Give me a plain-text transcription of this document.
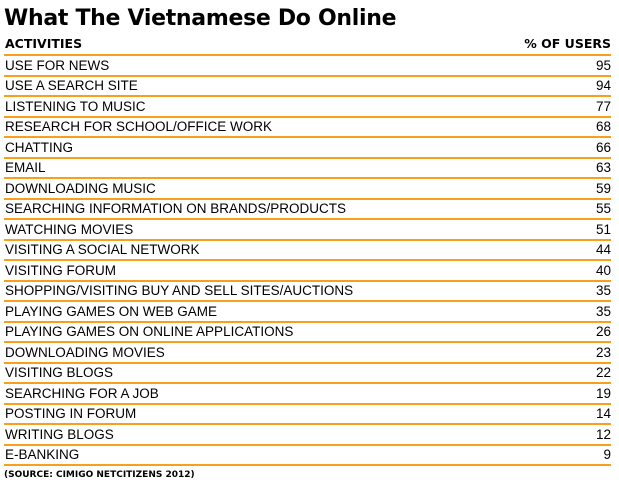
What The Vietnamese Do Online
ACTIVITIES	% OF USERS
USE FOR NEWS	95
USE A SEARCH SITE	94
LISTENING TO MUSIC	77
RESEARCH FOR SCHOOL/OFFICE WORK	68
CHATTING	66
EMAIL	63
DOWNLOADING MUSIC	59
SEARCHING INFORMATION ON BRANDS/PRODUCTS	55
WATCHING MOVIES	51
VISITING A SOCIAL NETWORK	44
VISITING FORUM	40
SHOPPING/VISITING BUY AND SELL SITES/AUCTIONS	35
PLAYING GAMES ON WEB GAME	35
PLAYING GAMES ON ONLINE APPLICATIONS	26
DOWNLOADING MOVIES	23
VISITING BLOGS	22
SEARCHING FOR A JOB	19
POSTING IN FORUM	14
WRITING BLOGS	12
E-BANKING	9
(SOURCE: CIMIGO NETCITIZENS 2012)
